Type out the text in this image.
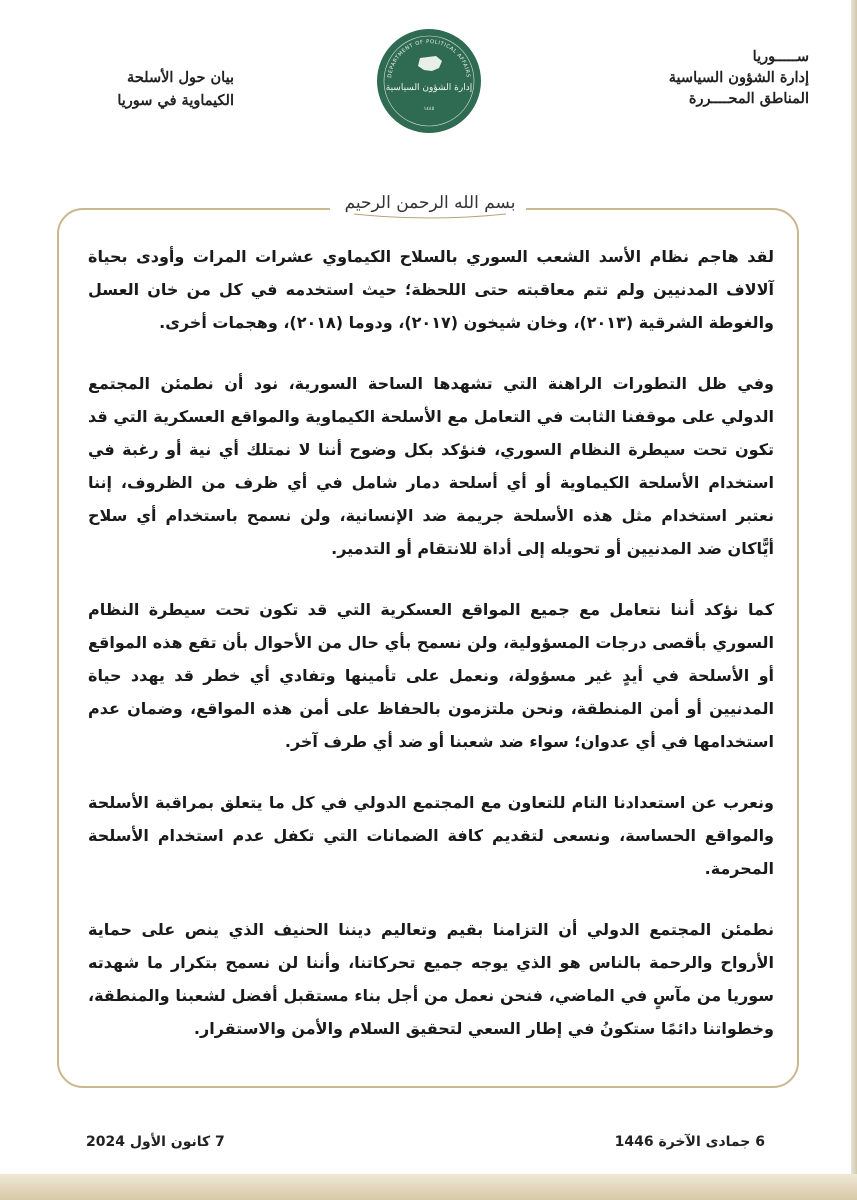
ســـــوريا
إدارة الشؤون السياسية
المناطق المحــــررة
DEPARTMENT OF POLITICAL AFFAIRS
إدارة الشؤون السياسية
١٤٤٥
بيان حول الأسلحة
الكيماوية في سوريا
بسم الله الرحمن الرحيم

لقد هاجم نظام الأسد الشعب السوري بالسلاح الكيماوي عشرات المرات وأودى بحياة آلالاف المدنيين ولم تتم معاقبته حتى اللحظة؛ حيث استخدمه في كل من خان العسل والغوطة الشرقية (٢٠١٣)، وخان شيخون (٢٠١٧)، ودوما (٢٠١٨)، وهجمات أخرى.

وفي ظل التطورات الراهنة التي تشهدها الساحة السورية، نود أن نطمئن المجتمع الدولي على موقفنا الثابت في التعامل مع الأسلحة الكيماوية والمواقع العسكرية التي قد تكون تحت سيطرة النظام السوري، فنؤكد بكل وضوح أننا لا نمتلك أي نية أو رغبة في استخدام الأسلحة الكيماوية أو أي أسلحة دمار شامل في أي ظرف من الظروف، إننا نعتبر استخدام مثل هذه الأسلحة جريمة ضد الإنسانية، ولن نسمح باستخدام أي سلاح أيًّاكان ضد المدنيين أو تحويله إلى أداة للانتقام أو التدمير.

كما نؤكد أننا نتعامل مع جميع المواقع العسكرية التي قد تكون تحت سيطرة النظام السوري بأقصى درجات المسؤولية، ولن نسمح بأي حال من الأحوال بأن تقع هذه المواقع أو الأسلحة في أيدٍ غير مسؤولة، ونعمل على تأمينها وتفادي أي خطر قد يهدد حياة المدنيين أو أمن المنطقة، ونحن ملتزمون بالحفاظ على أمن هذه المواقع، وضمان عدم استخدامها في أي عدوان؛ سواء ضد شعبنا أو ضد أي طرف آخر.

ونعرب عن استعدادنا التام للتعاون مع المجتمع الدولي في كل ما يتعلق بمراقبة الأسلحة والمواقع الحساسة، ونسعى لتقديم كافة الضمانات التي تكفل عدم استخدام الأسلحة المحرمة.

نطمئن المجتمع الدولي أن التزامنا بقيم وتعاليم ديننا الحنيف الذي ينص على حماية الأرواح والرحمة بالناس هو الذي يوجه جميع تحركاتنا، وأننا لن نسمح بتكرار ما شهدته سوريا من مآسٍ في الماضي، فنحن نعمل من أجل بناء مستقبل أفضل لشعبنا والمنطقة، وخطواتنا دائمًا ستكونُ في إطار السعي لتحقيق السلام والأمن والاستقرار.

6 جمادى الآخرة 1446
7 كانون الأول 2024
